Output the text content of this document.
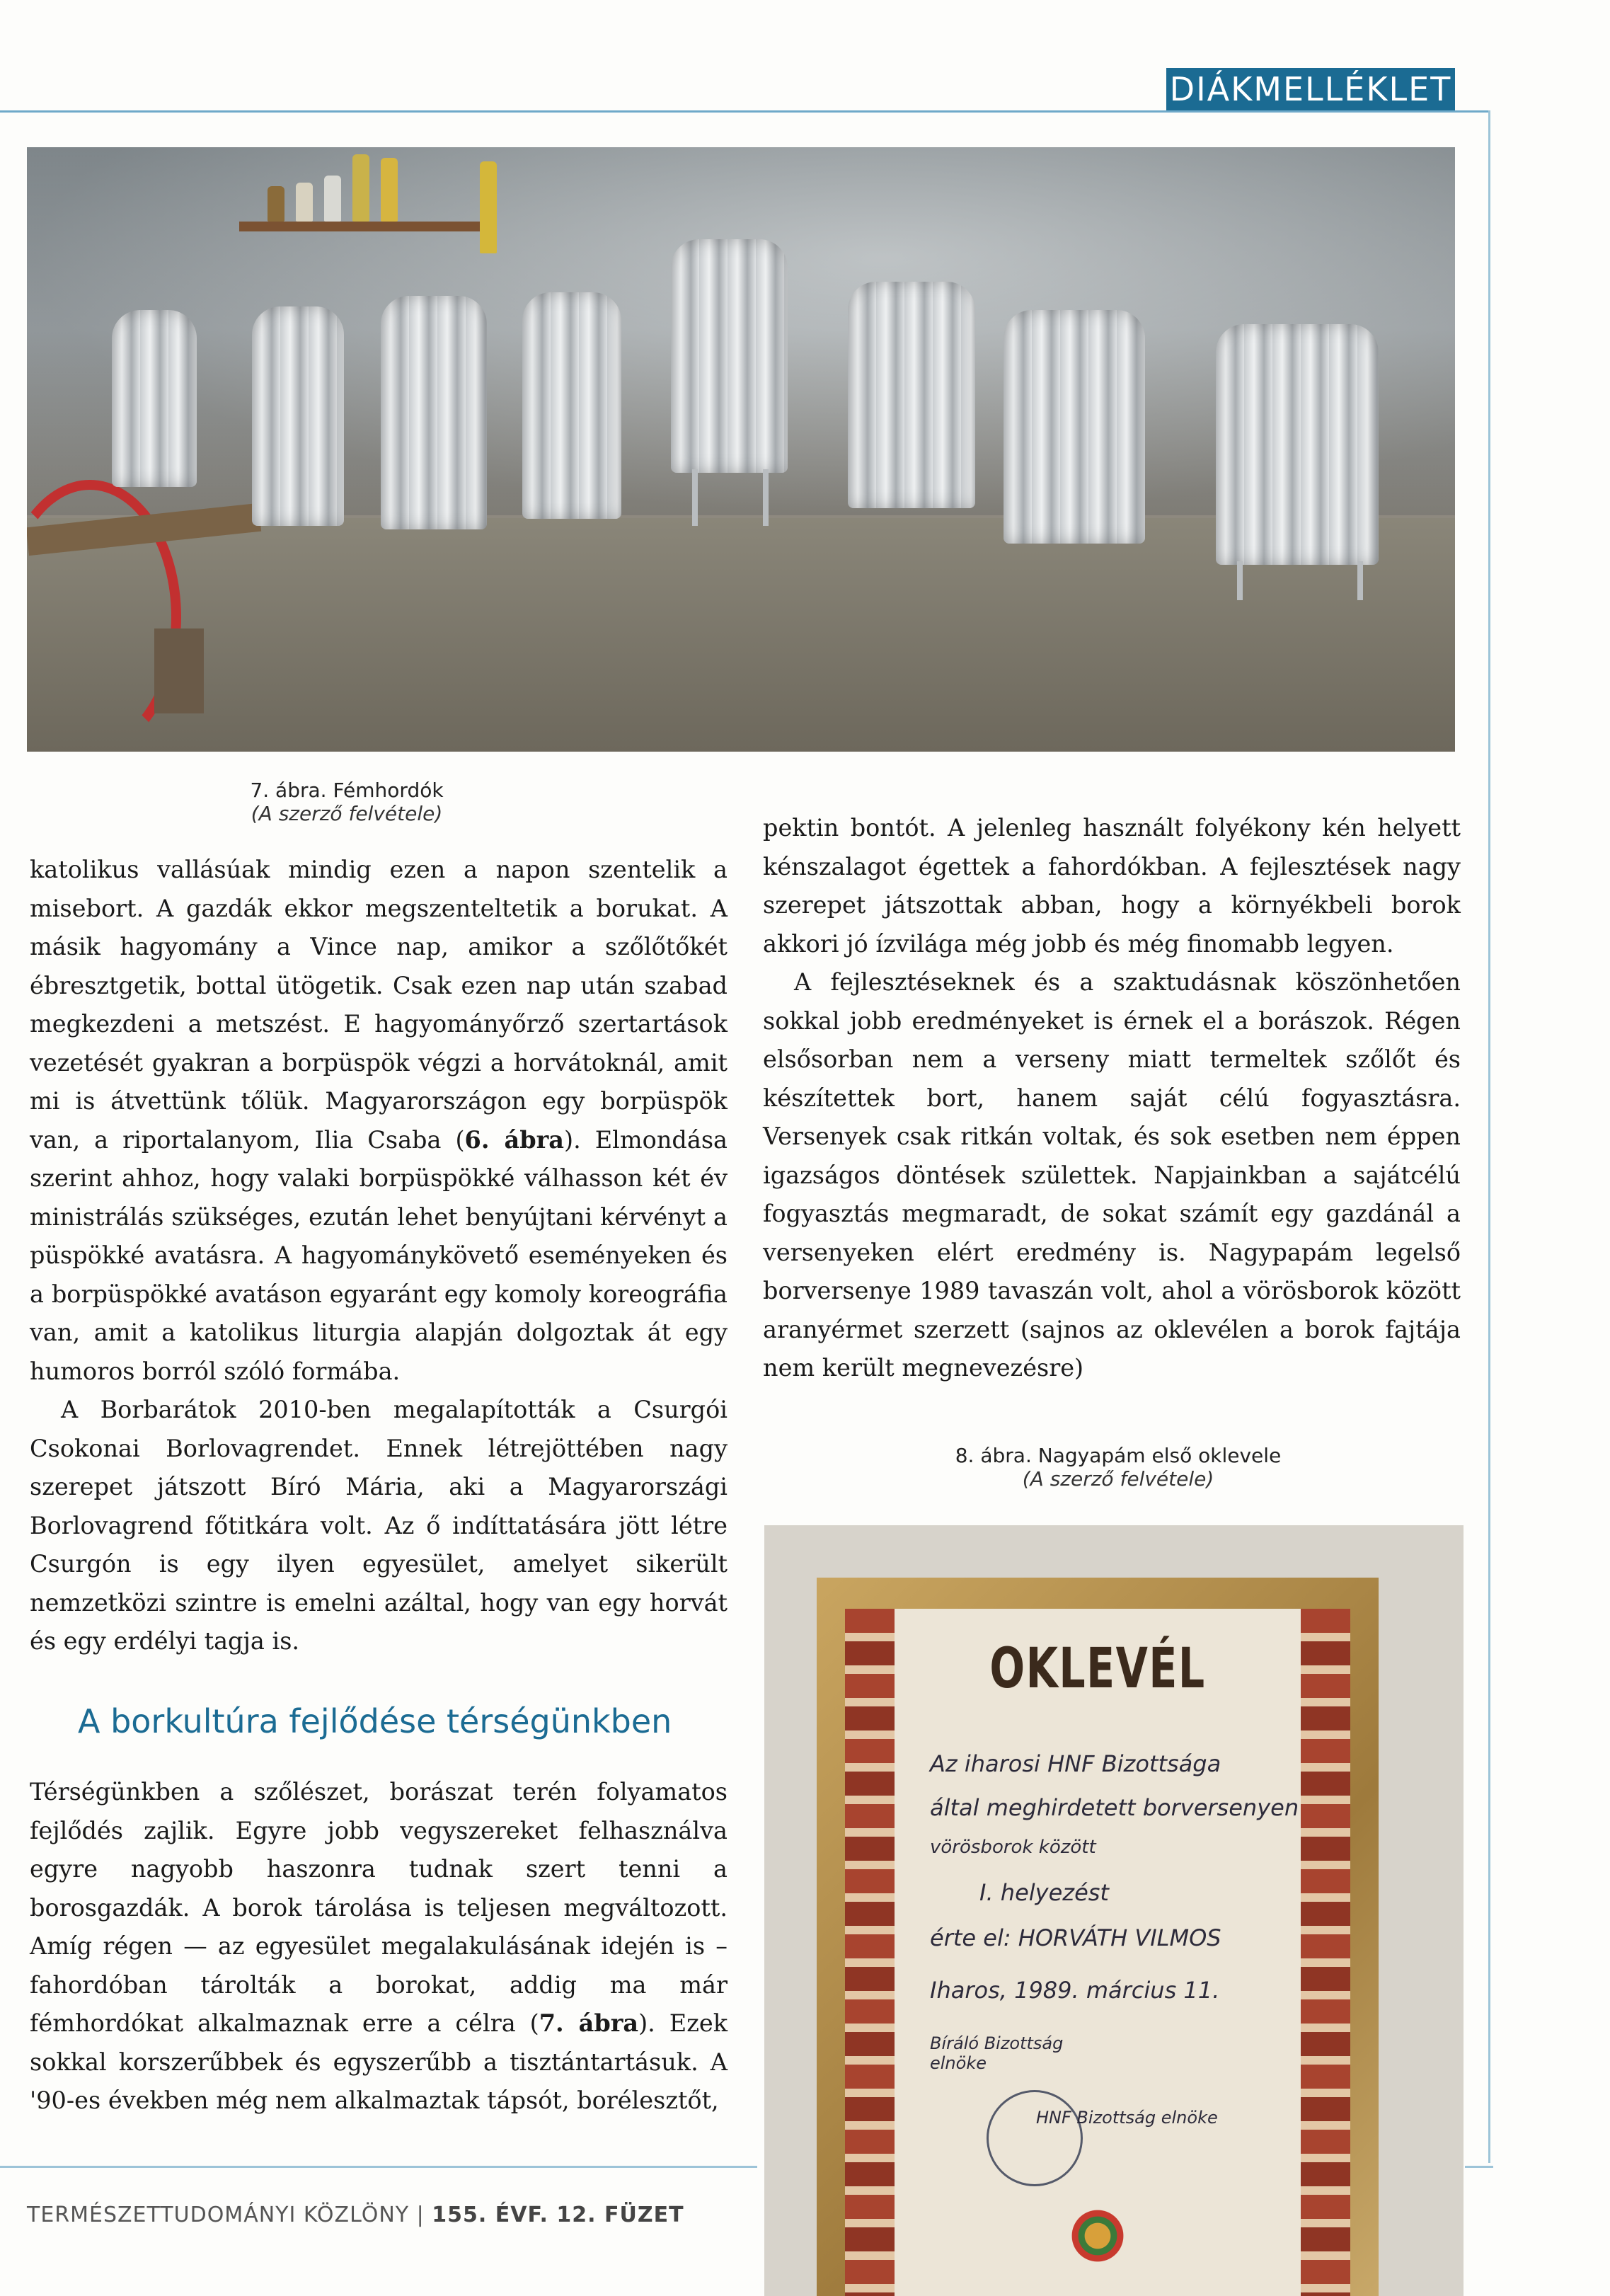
DIÁKMELLÉKLET
7. ábra. Fémhordók
(A szerző felvétele)

katolikus vallásúak mindig ezen a napon szentelik a misebort. A gazdák ekkor megszenteltetik a borukat. A másik hagyomány a Vince nap, amikor a szőlőtőkét ébresztgetik, bottal ütögetik. Csak ezen nap után szabad megkezdeni a metszést. E hagyományőrző szertartások vezetését gyakran a borpüspök végzi a horvátoknál, amit mi is átvettünk tőlük. Magyarországon egy borpüspök van, a riportalanyom, Ilia Csaba (6. ábra). Elmondása szerint ahhoz, hogy valaki borpüspökké válhasson két év ministrálás szükséges, ezután lehet benyújtani kérvényt a püspökké avatásra. A hagyománykövető eseményeken és a borpüspökké avatáson egyaránt egy komoly koreográfia van, amit a katolikus liturgia alapján dolgoztak át egy humoros borról szóló formába.

A Borbarátok 2010-ben megalapították a Csurgói Csokonai Borlovagrendet. Ennek létrejöttében nagy szerepet játszott Bíró Mária, aki a Magyarországi Borlovagrend főtitkára volt. Az ő indíttatására jött létre Csurgón is egy ilyen egyesület, amelyet sikerült nemzetközi szintre is emelni azáltal, hogy van egy horvát és egy erdélyi tagja is.

A borkultúra fejlődése térségünkben

Térségünkben a szőlészet, borászat terén folyamatos fejlődés zajlik. Egyre jobb vegyszereket felhasználva egyre nagyobb haszonra tudnak szert tenni a borosgazdák. A borok tárolása is teljesen megváltozott. Amíg régen — az egyesület megalakulásának idején is – fahordóban tárolták a borokat, addig ma már fémhordókat alkalmaznak erre a célra (7. ábra). Ezek sokkal korszerűbbek és egyszerűbb a tisztántartásuk. A '90-es években még nem alkalmaztak tápsót, borélesztőt,

pektin bontót. A jelenleg használt folyékony kén helyett kénszalagot égettek a fahordókban. A fejlesztések nagy szerepet játszottak abban, hogy a környékbeli borok akkori jó ízvilága még jobb és még finomabb legyen.

A fejlesztéseknek és a szaktudásnak köszönhetően sokkal jobb eredményeket is érnek el a borászok. Régen elsősorban nem a verseny miatt termeltek szőlőt és készítettek bort, hanem saját célú fogyasztásra. Versenyek csak ritkán voltak, és sok esetben nem éppen igazságos döntések születtek. Napjainkban a sajátcélú fogyasztás megmaradt, de sokat számít egy gazdánál a versenyeken elért eredmény is. Nagypapám legelső borversenye 1989 tavaszán volt, ahol a vörösborok között aranyérmet szerzett (sajnos az oklevélen a borok fajtája nem került megnevezésre)

8. ábra. Nagyapám első oklevele
(A szerző felvétele)
OKLEVÉL
Az iharosi HNF Bizottsága
által meghirdetett borversenyen
vörösborok között
I. helyezést
érte el: HORVÁTH VILMOS
Iharos, 1989. március 11.
Bíráló Bizottság elnöke
HNF Bizottság elnöke
TERMÉSZETTUDOMÁNYI KÖZLÖNY | 155. ÉVF. 12. FÜZET
